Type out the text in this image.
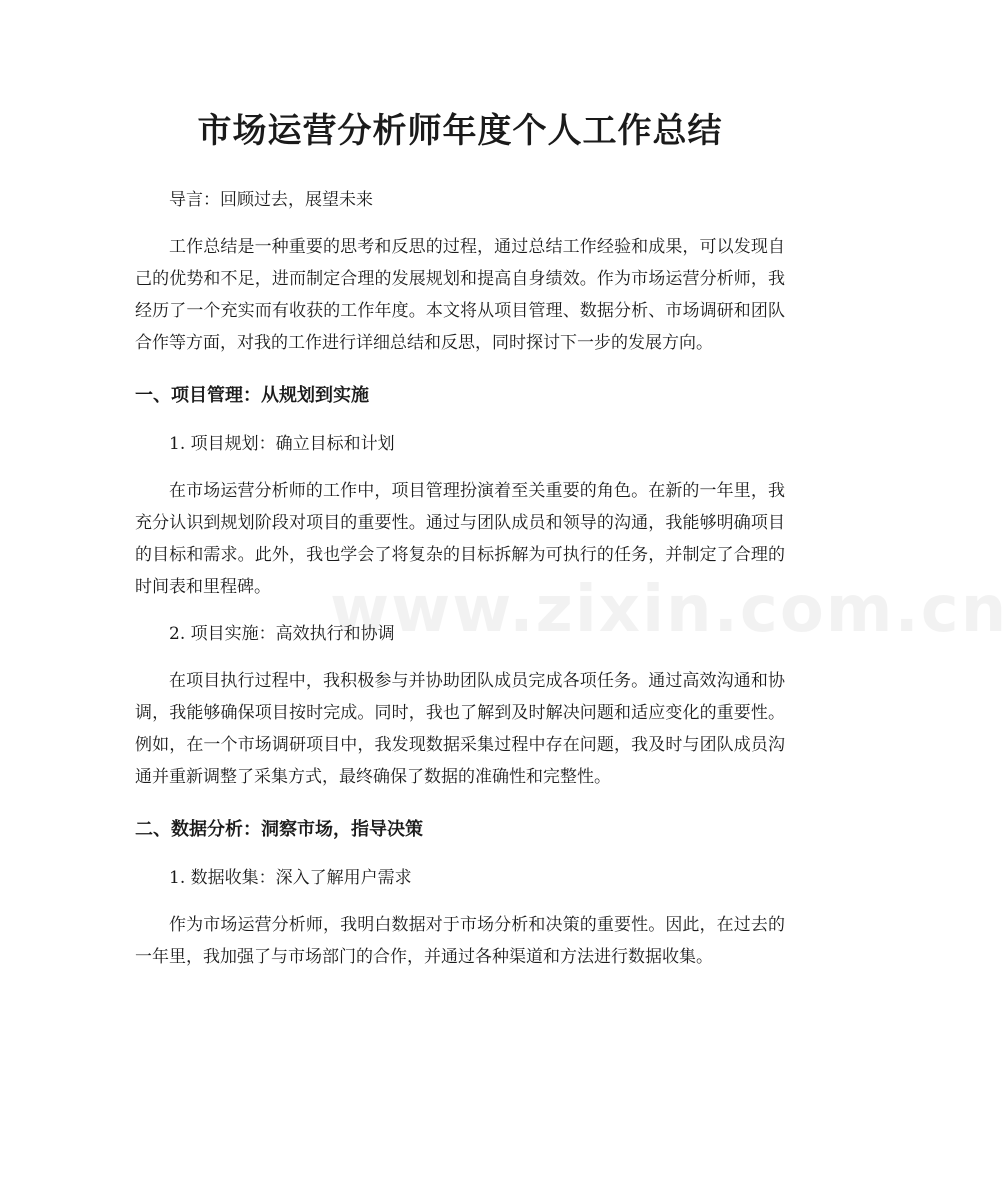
市场运营分析师年度个人工作总结

导言：回顾过去，展望未来

工作总结是一种重要的思考和反思的过程，通过总结工作经验和成果，可以发现自己的优势和不足，进而制定合理的发展规划和提高自身绩效。作为市场运营分析师，我经历了一个充实而有收获的工作年度。本文将从项目管理、数据分析、市场调研和团队合作等方面，对我的工作进行详细总结和反思，同时探讨下一步的发展方向。

一、项目管理：从规划到实施

1. 项目规划：确立目标和计划

在市场运营分析师的工作中，项目管理扮演着至关重要的角色。在新的一年里，我充分认识到规划阶段对项目的重要性。通过与团队成员和领导的沟通，我能够明确项目的目标和需求。此外，我也学会了将复杂的目标拆解为可执行的任务，并制定了合理的时间表和里程碑。

2. 项目实施：高效执行和协调

在项目执行过程中，我积极参与并协助团队成员完成各项任务。通过高效沟通和协调，我能够确保项目按时完成。同时，我也了解到及时解决问题和适应变化的重要性。例如，在一个市场调研项目中，我发现数据采集过程中存在问题，我及时与团队成员沟通并重新调整了采集方式，最终确保了数据的准确性和完整性。

二、数据分析：洞察市场，指导决策

1. 数据收集：深入了解用户需求

作为市场运营分析师，我明白数据对于市场分析和决策的重要性。因此，在过去的一年里，我加强了与市场部门的合作，并通过各种渠道和方法进行数据收集。

www.zixin.com.cn
